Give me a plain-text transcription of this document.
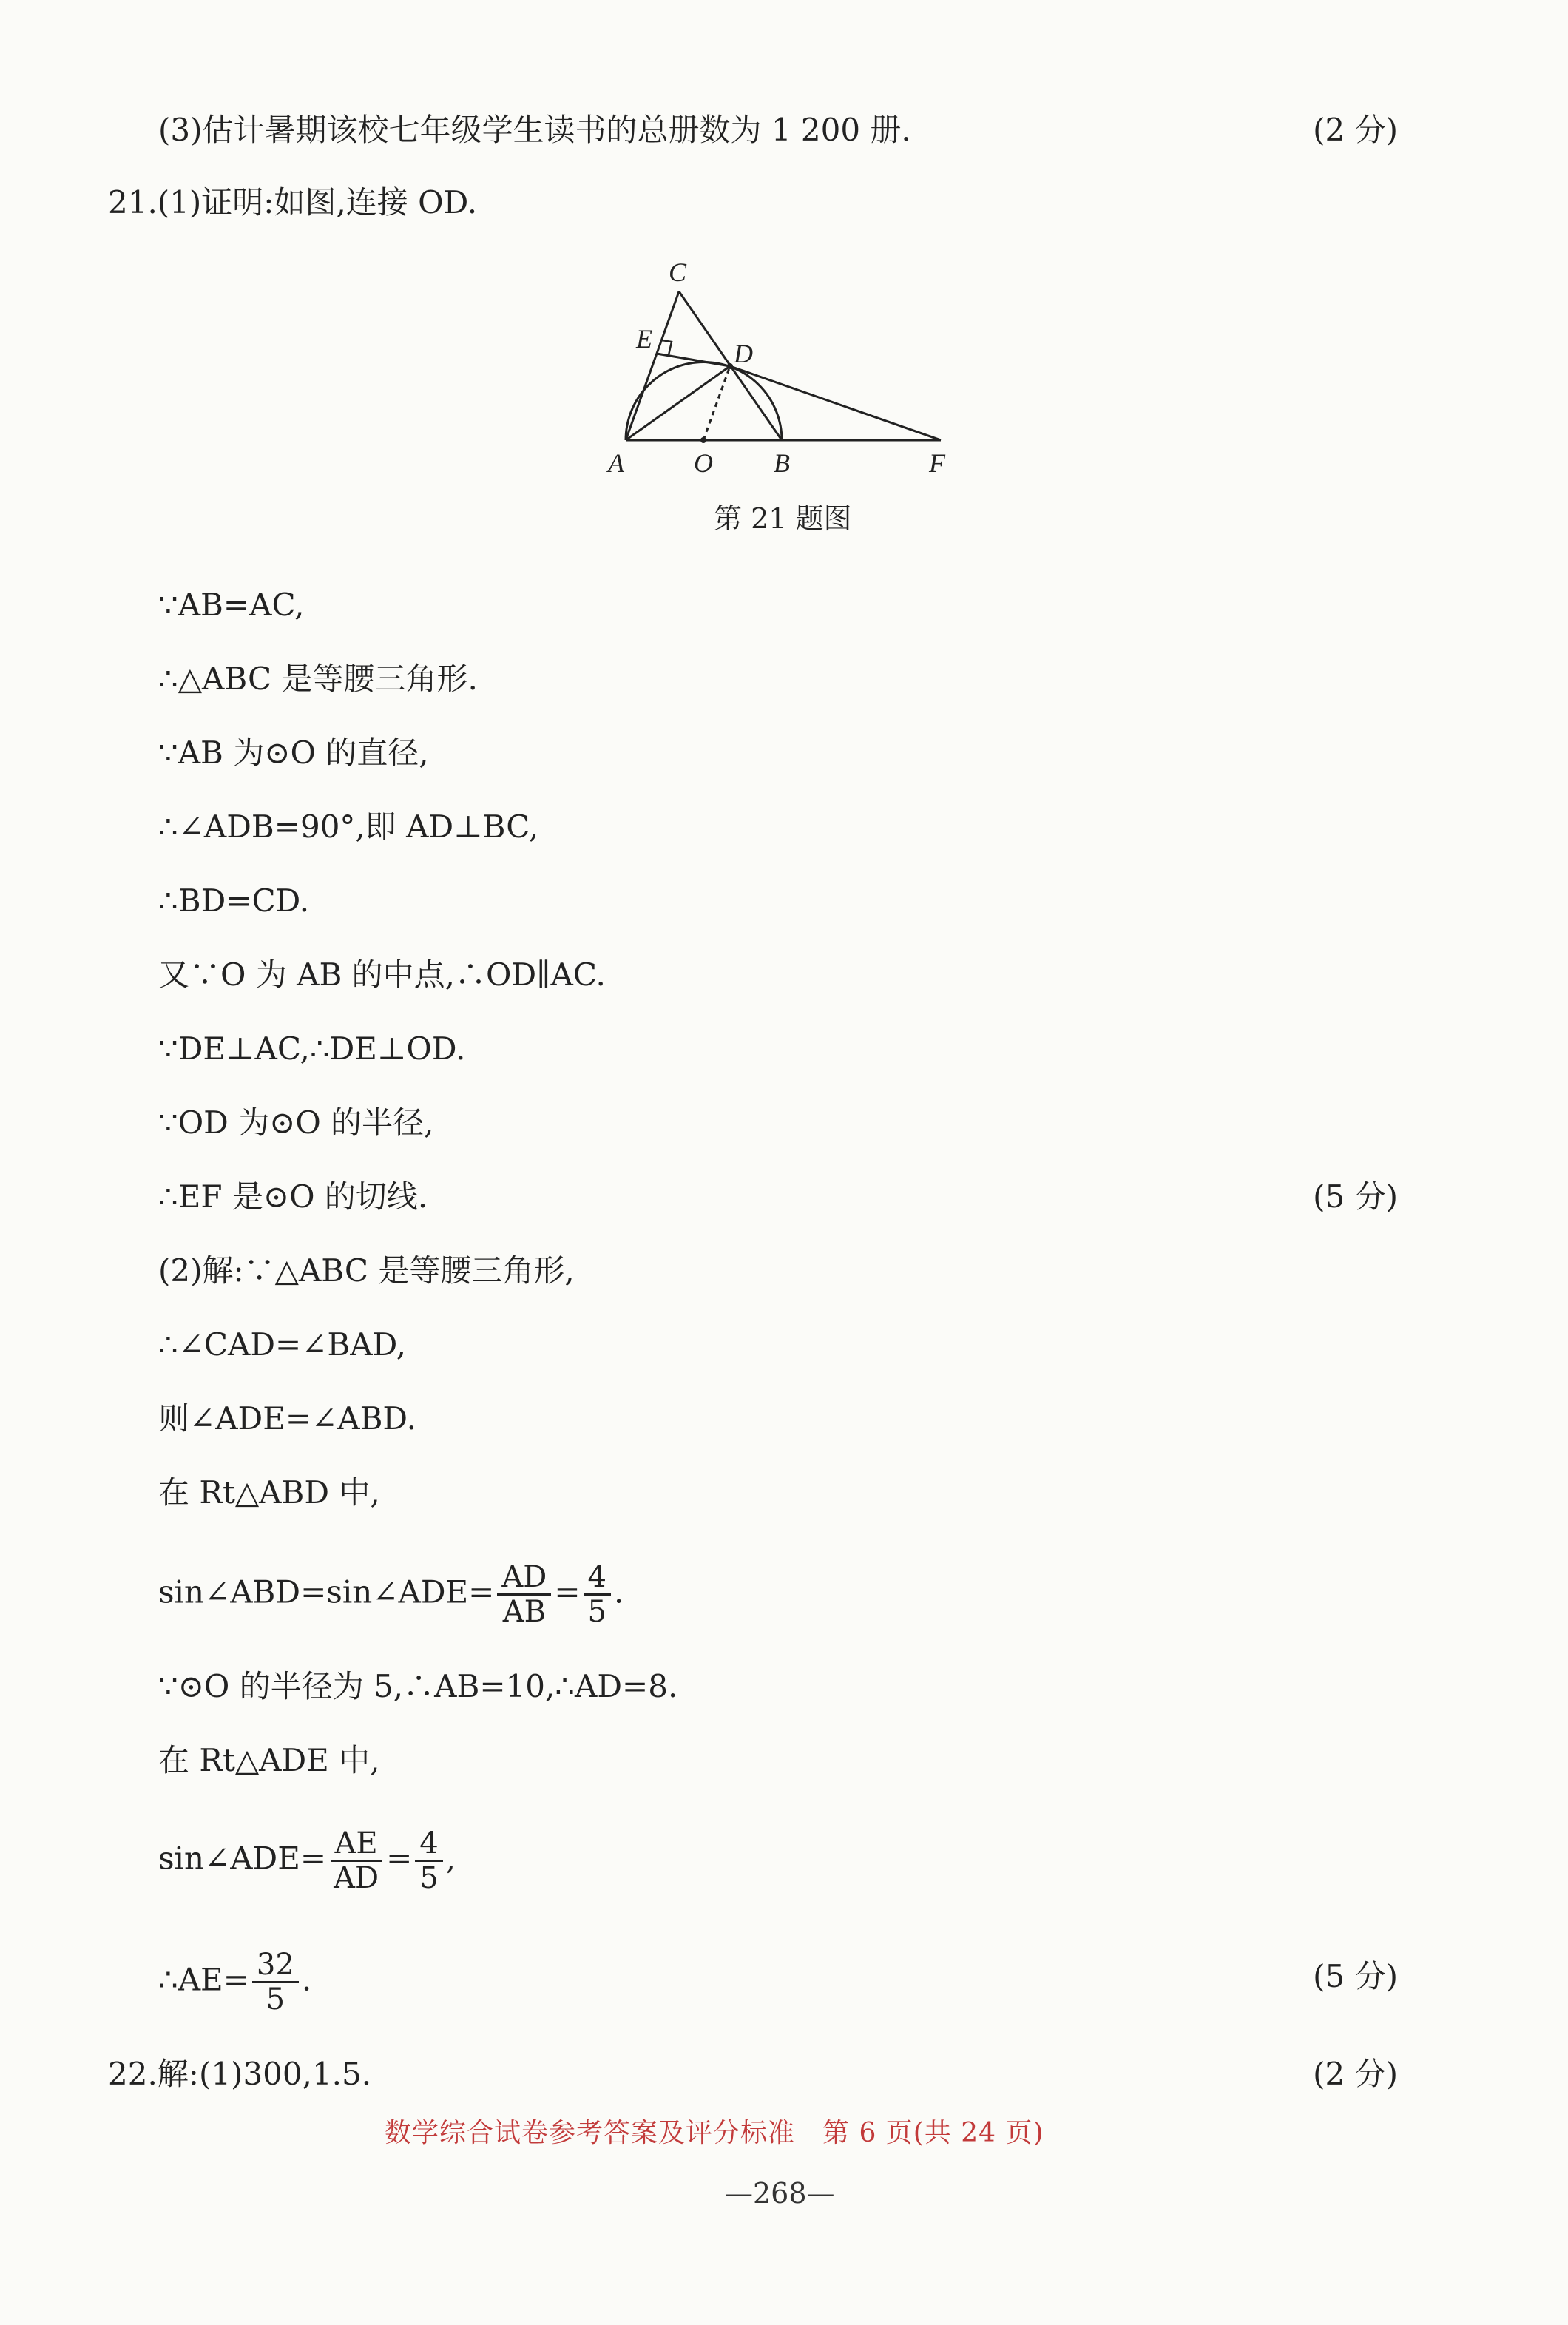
(3)估计暑期该校七年级学生读书的总册数为 1 200 册.	(2 分)
21.(1)证明:如图,连接 OD.
A	O B	F
C
D
E
第 21 题图
∵AB=AC,
∴△ABC 是等腰三角形.
∵AB 为⊙O 的直径,
∴∠ADB=90°,即 AD⊥BC,
∴BD=CD.
又∵O 为 AB 的中点,∴OD∥AC.
∵DE⊥AC,∴DE⊥OD.
∵OD 为⊙O 的半径,
∴EF 是⊙O 的切线.	(5 分)
(2)解:∵△ABC 是等腰三角形,
∴∠CAD=∠BAD,
则∠ADE=∠ABD.
在 Rt△ABD 中,
sin∠ABD=sin∠ADE= $\frac{AD}{AB} = \frac{4}{5}$ .
∵⊙O 的半径为 5,∴AB=10,∴AD=8.
在 Rt△ADE 中,
sin∠ADE= $\frac{AE}{AD} = \frac{4}{5}$ ,
∴AE= $\frac{32}{5}$ .	(5 分)
22.解:(1)300,1.5.	(2 分)
数学综合试卷参考答案及评分标准　第 6 页(共 24 页)
—268—
